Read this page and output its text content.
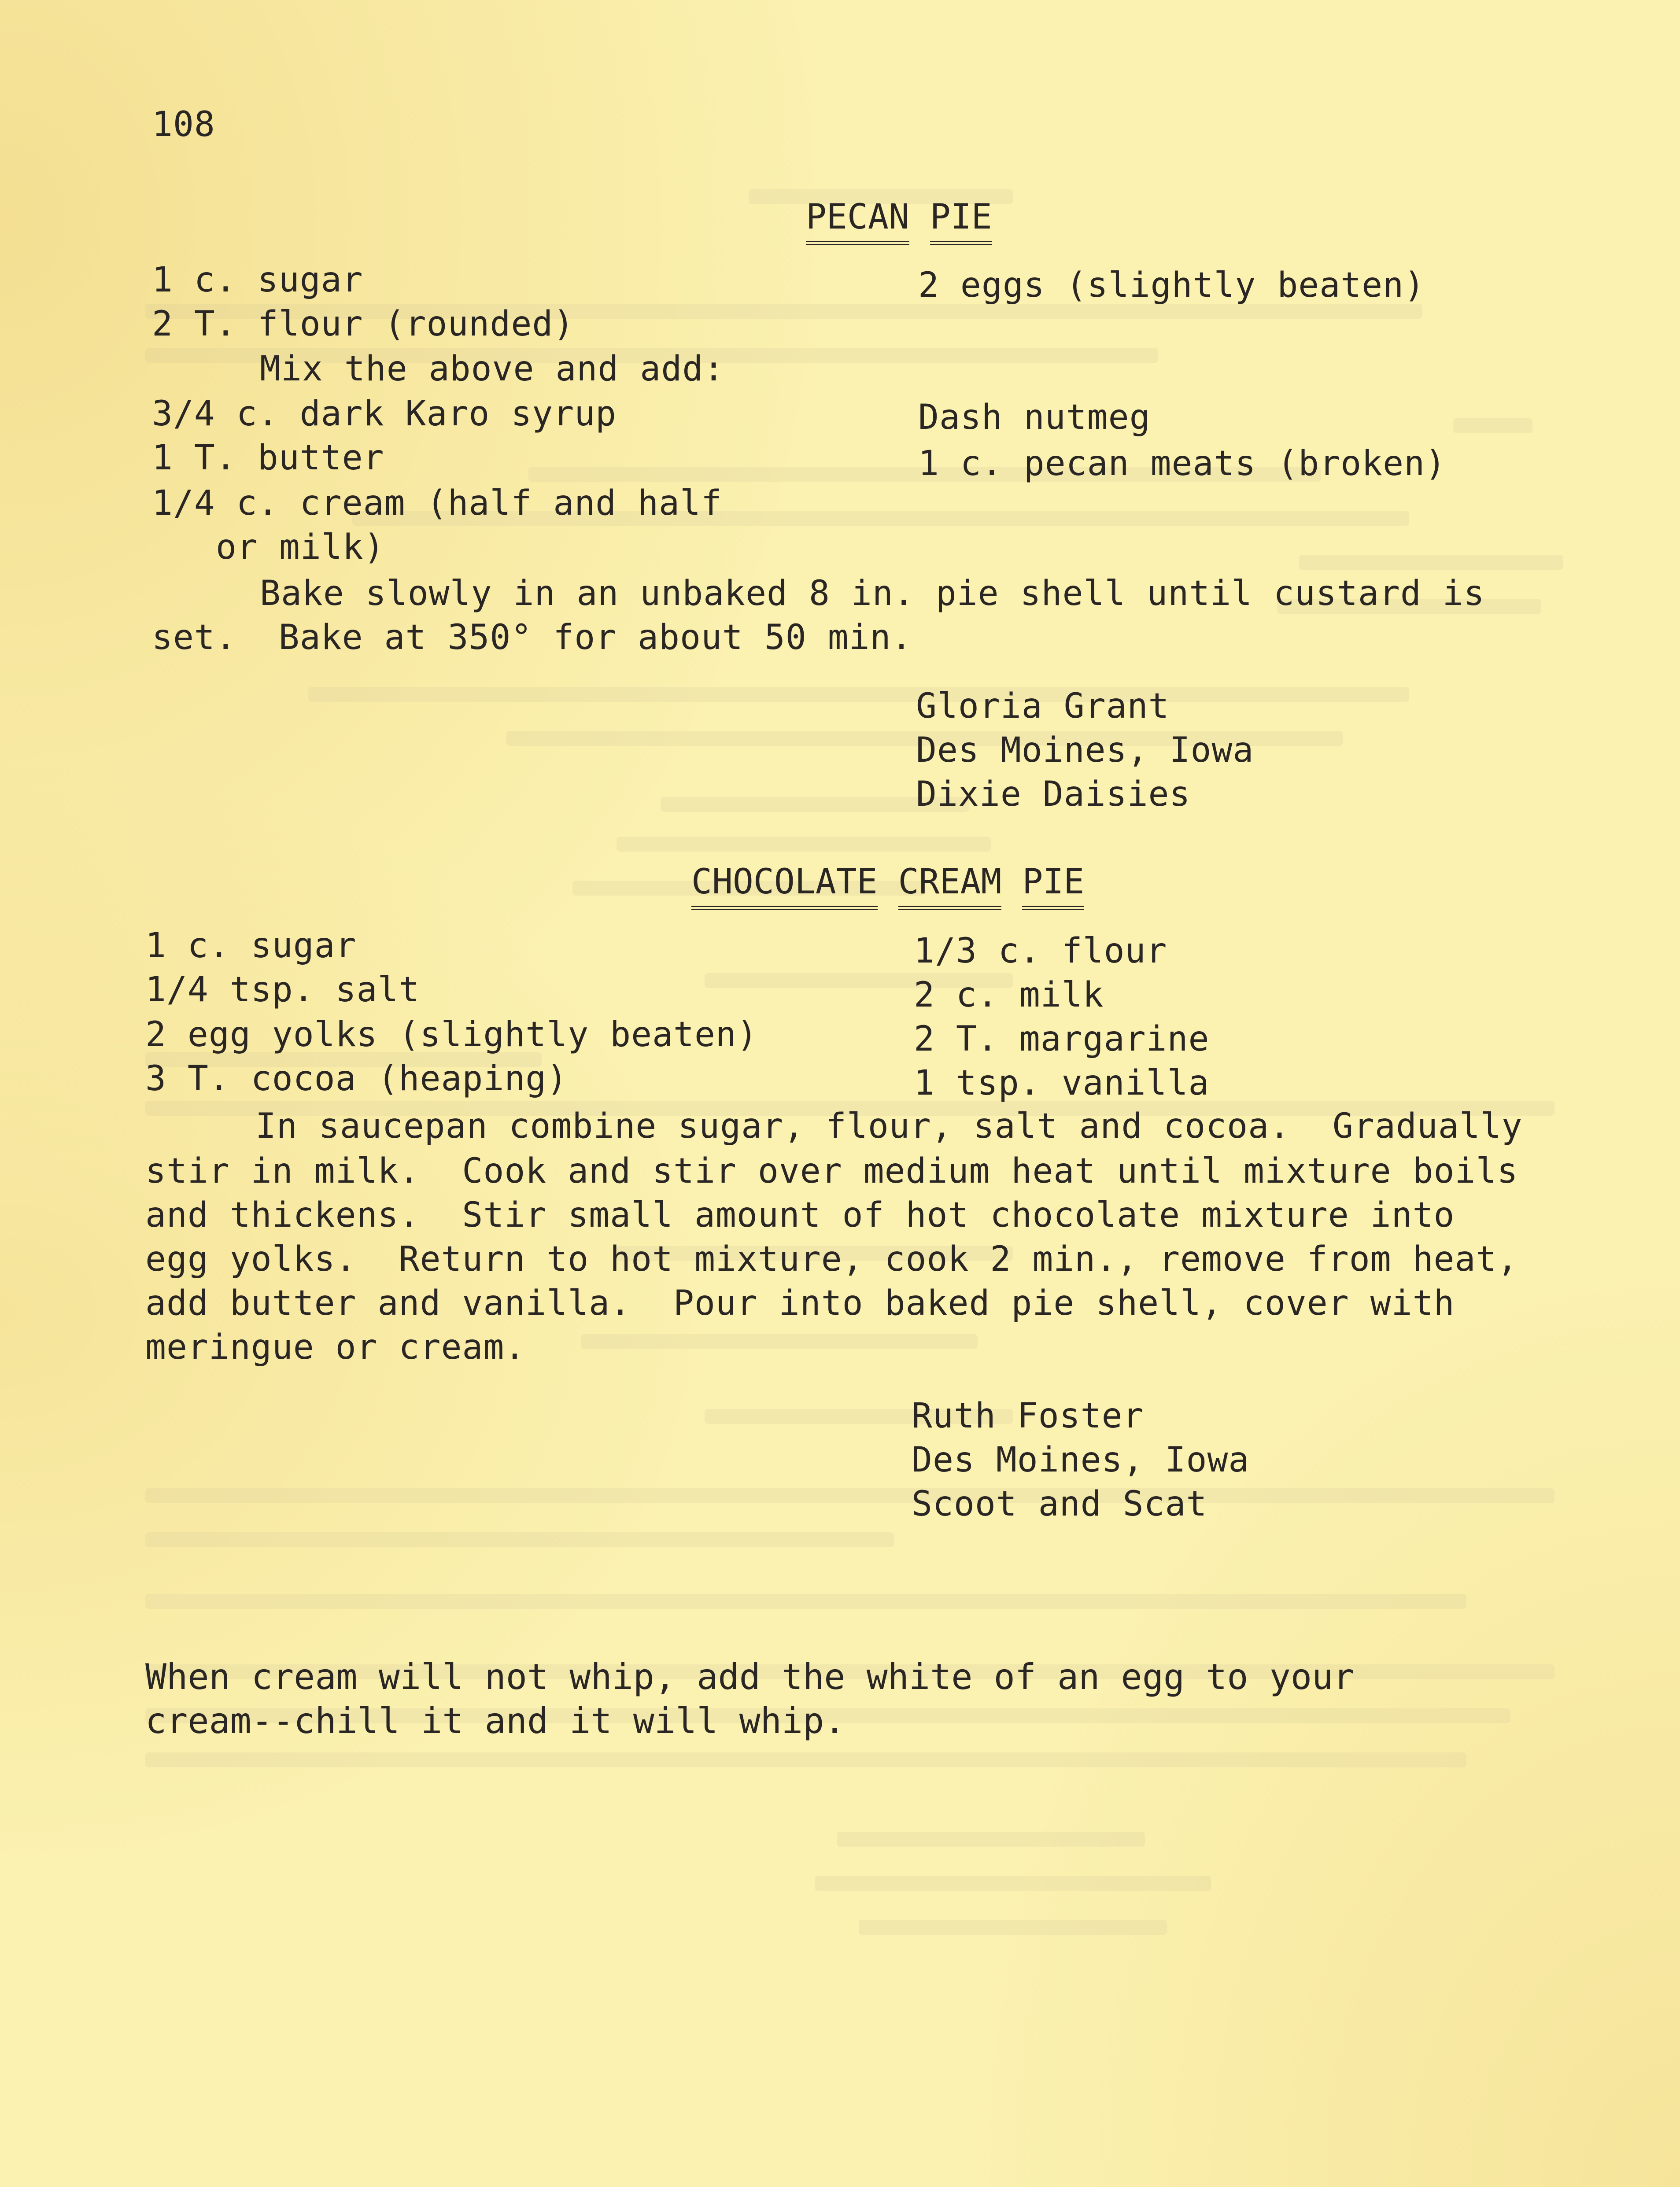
108
PECAN PIE
1 c. sugar
2 T. flour (rounded)
Mix the above and add:
3/4 c. dark Karo syrup
1 T. butter
1/4 c. cream (half and half
or milk)
2 eggs (slightly beaten)
Dash nutmeg
1 c. pecan meats (broken)
Bake slowly in an unbaked 8 in. pie shell until custard is
set.  Bake at 350° for about 50 min.
Gloria Grant
Des Moines, Iowa
Dixie Daisies
CHOCOLATE CREAM PIE
1 c. sugar
1/4 tsp. salt
2 egg yolks (slightly beaten)
3 T. cocoa (heaping)
1/3 c. flour
2 c. milk
2 T. margarine
1 tsp. vanilla
In saucepan combine sugar, flour, salt and cocoa.  Gradually
stir in milk.  Cook and stir over medium heat until mixture boils
and thickens.  Stir small amount of hot chocolate mixture into
egg yolks.  Return to hot mixture, cook 2 min., remove from heat,
add butter and vanilla.  Pour into baked pie shell, cover with
meringue or cream.
Ruth Foster
Des Moines, Iowa
Scoot and Scat
When cream will not whip, add the white of an egg to your
cream--chill it and it will whip.
